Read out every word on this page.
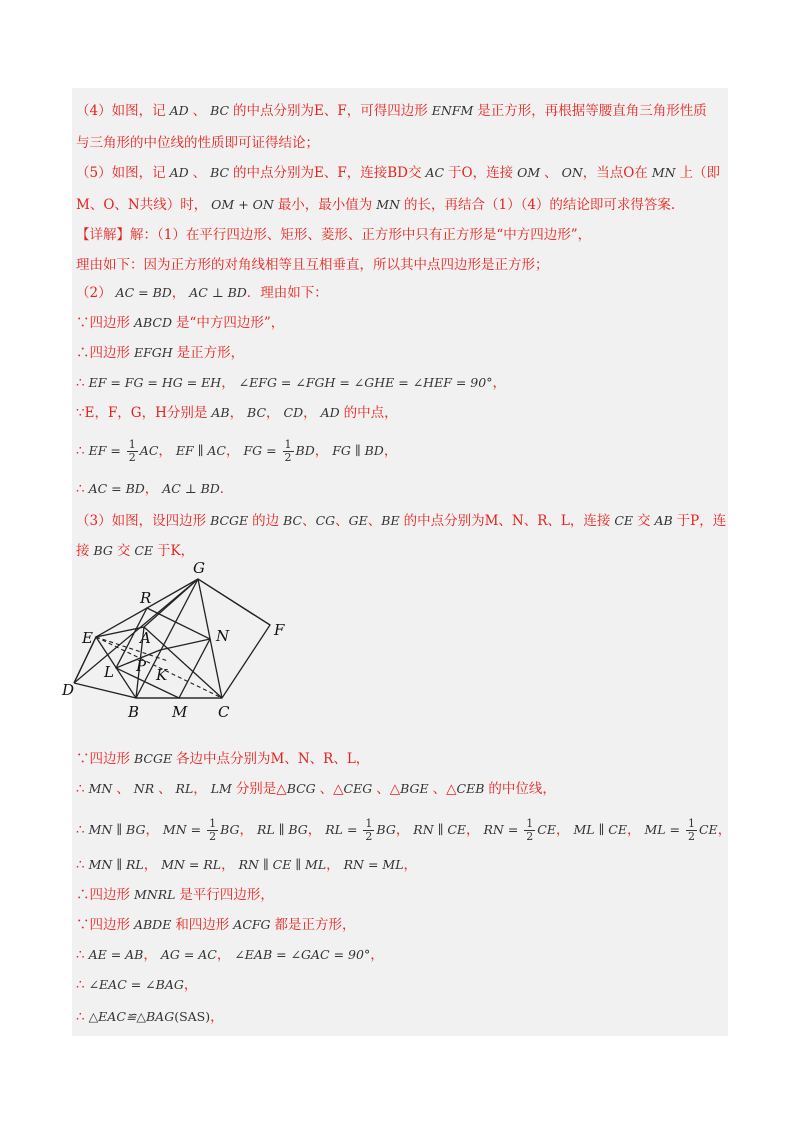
（4）如图，记 AD 、 BC 的中点分别为E、F，可得四边形 ENFM 是正方形，再根据等腰直角三角形性质
与三角形的中位线的性质即可证得结论；
（5）如图，记 AD 、 BC 的中点分别为E、F，连接BD交 AC 于O，连接 OM 、 ON，当点O在 MN 上（即
M、O、N共线）时， OM + ON 最小，最小值为 MN 的长，再结合（1）（4）的结论即可求得答案.
【详解】解：（1）在平行四边形、矩形、菱形、正方形中只有正方形是“中方四边形”，
理由如下：因为正方形的对角线相等且互相垂直，所以其中点四边形是正方形；
（2） AC = BD， AC ⊥ BD．理由如下：
∵四边形 ABCD 是“中方四边形”，
∴四边形 EFGH 是正方形，
∴ EF = FG = HG = EH， ∠EFG = ∠FGH = ∠GHE = ∠HEF = 90°，
∵E，F，G，H分别是 AB， BC， CD， AD 的中点，
∴ EF = $\frac{1}{2}$ AC， EF ∥ AC， FG = $\frac{1}{2}$ BD， FG ∥ BD，
∴ AC = BD， AC ⊥ BD．
（3）如图，设四边形 BCGE 的边 BC、CG、GE、BE 的中点分别为M、N、R、L，连接 CE 交 AB 于P，连
接 BG 交 CE 于K，
∵四边形 BCGE 各边中点分别为M、N、R、L，
∴ MN 、 NR 、 RL， LM 分别是△BCG 、△CEG 、△BGE 、△CEB 的中位线，
∴ MN ∥ BG， MN = $\frac{1}{2}$ BG， RL ∥ BG， RL = $\frac{1}{2}$ BG， RN ∥ CE， RN = $\frac{1}{2}$ CE， ML ∥ CE， ML = $\frac{1}{2}$ CE，
∴ MN ∥ RL， MN = RL， RN ∥ CE ∥ ML， RN = ML，
∴四边形 MNRL 是平行四边形，
∵四边形 ABDE 和四边形 ACFG 都是正方形，
∴ AE = AB， AG = AC， ∠EAB = ∠GAC = 90°，
∴ ∠EAC = ∠BAG，
∴ △EAC≌△BAG(SAS)，
G
R
F
E	A	N
L P K
D
B M C
